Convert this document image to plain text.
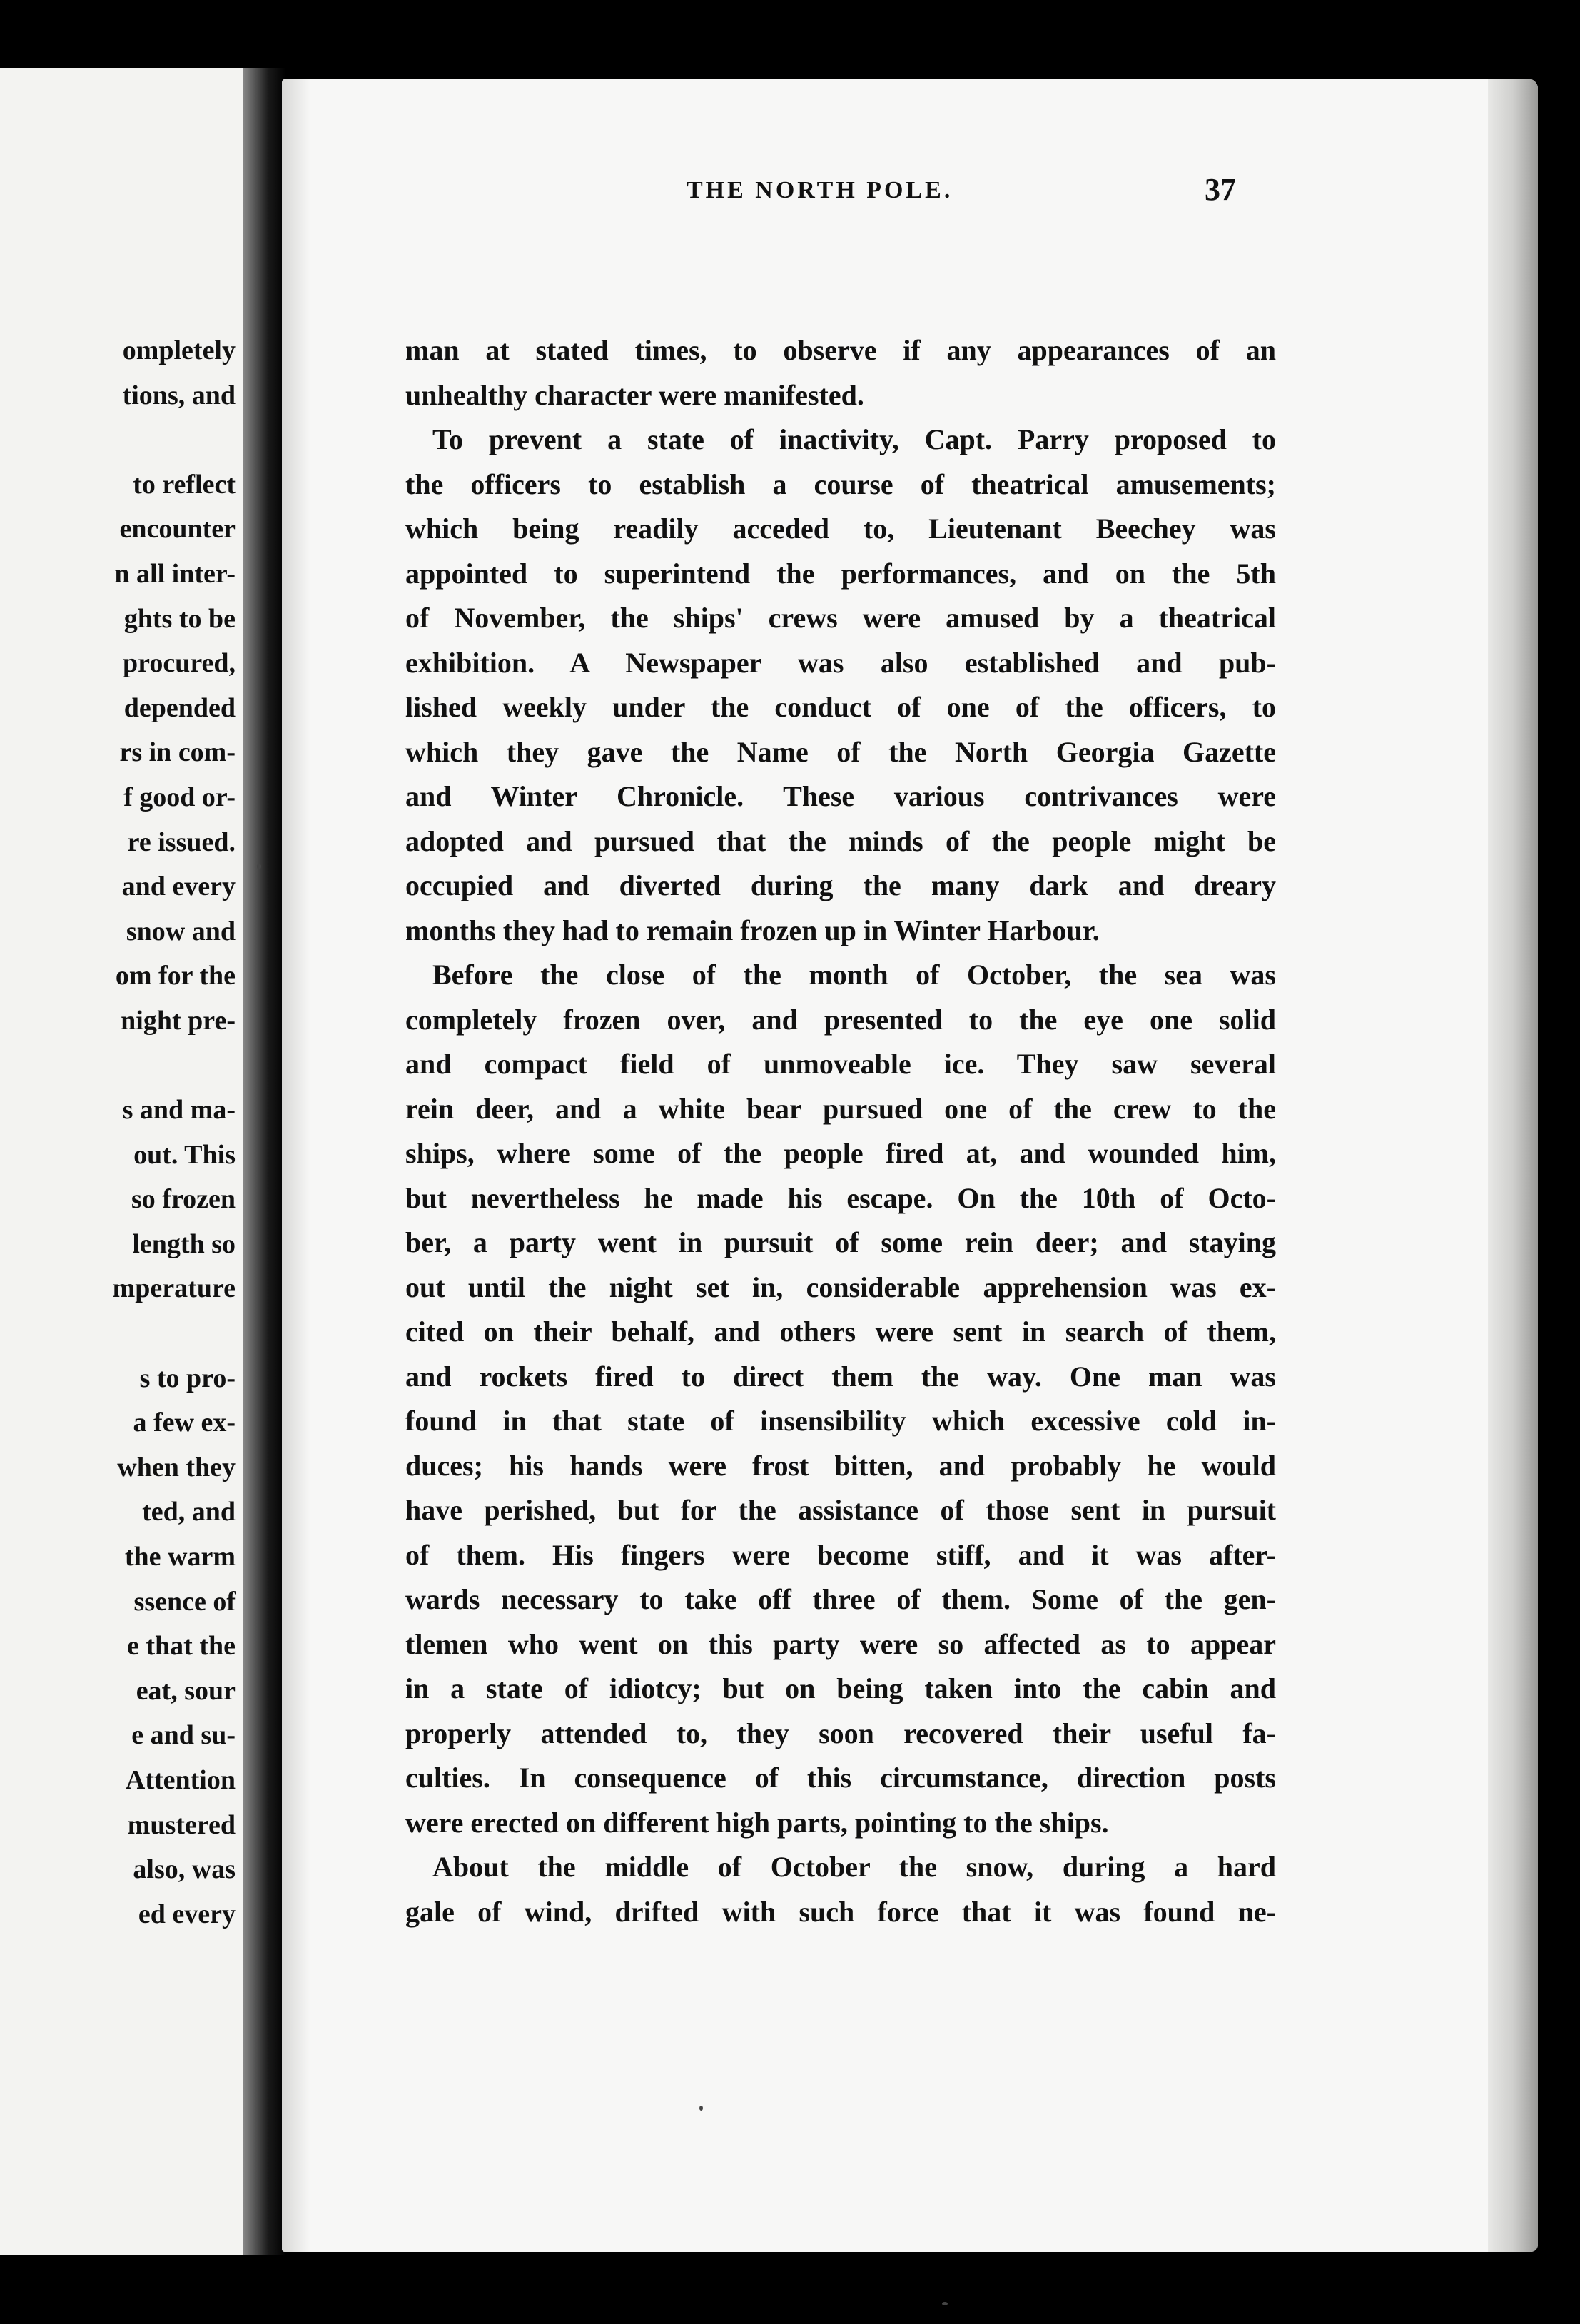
ompletely
tions, and
to reflect
encounter
n all inter-
ghts to be
procured,
depended
rs in com-
f good or-
re issued.
and every
snow and
om for the
night pre-
s and ma-
out. This
so frozen
length so
mperature
s to pro-
a few ex-
when they
ted, and
the warm
ssence of
e that the
eat, sour
e and su-
Attention
mustered
also, was
ed every
THE NORTH POLE.	37
man at stated times, to observe if any appearances of an
unhealthy character were manifested.
To prevent a state of inactivity, Capt. Parry proposed to
the officers to establish a course of theatrical amusements;
which being readily acceded to, Lieutenant Beechey was
appointed to superintend the performances, and on the 5th
of November, the ships' crews were amused by a theatrical
exhibition. A Newspaper was also established and pub-
lished weekly under the conduct of one of the officers, to
which they gave the Name of the North Georgia Gazette
and Winter Chronicle. These various contrivances were
adopted and pursued that the minds of the people might be
occupied and diverted during the many dark and dreary
months they had to remain frozen up in Winter Harbour.
Before the close of the month of October, the sea was
completely frozen over, and presented to the eye one solid
and compact field of unmoveable ice. They saw several
rein deer, and a white bear pursued one of the crew to the
ships, where some of the people fired at, and wounded him,
but nevertheless he made his escape. On the 10th of Octo-
ber, a party went in pursuit of some rein deer; and staying
out until the night set in, considerable apprehension was ex-
cited on their behalf, and others were sent in search of them,
and rockets fired to direct them the way. One man was
found in that state of insensibility which excessive cold in-
duces; his hands were frost bitten, and probably he would
have perished, but for the assistance of those sent in pursuit
of them. His fingers were become stiff, and it was after-
wards necessary to take off three of them. Some of the gen-
tlemen who went on this party were so affected as to appear
in a state of idiotcy; but on being taken into the cabin and
properly attended to, they soon recovered their useful fa-
culties. In consequence of this circumstance, direction posts
were erected on different high parts, pointing to the ships.
About the middle of October the snow, during a hard
gale of wind, drifted with such force that it was found ne-
